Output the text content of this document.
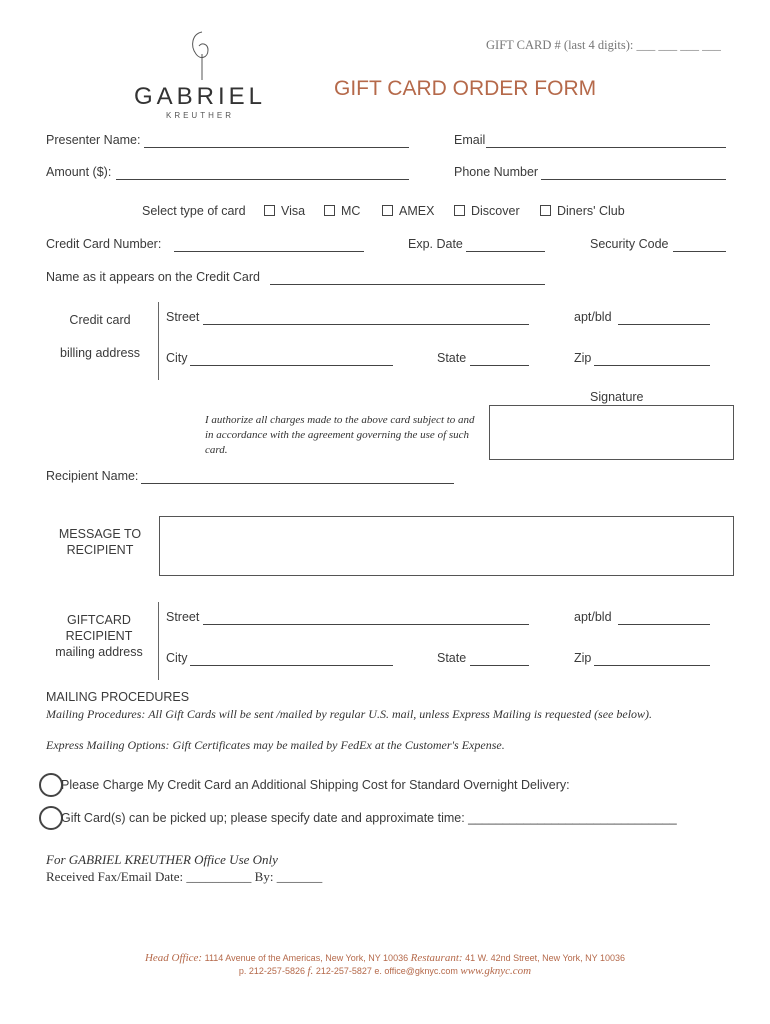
GIFT CARD # (last 4 digits): ___ ___ ___ ___
GABRIEL
KREUTHER
GIFT CARD ORDER FORM
Presenter Name:	Email
Amount ($):	Phone Number
Select type of card	Visa	MC	AMEX	Discover	Diners' Club
Credit Card Number:	Exp. Date	Security Code
Name as it appears on the Credit Card
Credit card
billing address
Street	apt/bld
City	State	Zip
Signature
I authorize all charges made to the above card subject to and in accordance with the agreement governing the use of such card.
Recipient Name:
MESSAGE TO
RECIPIENT
GIFTCARD
RECIPIENT
mailing address
Street	apt/bld
City	State	Zip
MAILING PROCEDURES
Mailing Procedures: All Gift Cards will be sent /mailed by regular U.S. mail, unless Express Mailing is requested (see below).
Express Mailing Options: Gift Certificates may be mailed by FedEx at the Customer's Expense.
Please Charge My Credit Card an Additional Shipping Cost for Standard Overnight Delivery:
Gift Card(s) can be picked up; please specify date and approximate time: ______________________________
For GABRIEL KREUTHER Office Use Only
Received Fax/Email Date: __________ By: _______
Head Office: 1114 Avenue of the Americas, New York, NY 10036 Restaurant: 41 W. 42nd Street, New York, NY 10036
p. 212-257-5826 f. 212-257-5827 e. office@gknyc.com www.gknyc.com
